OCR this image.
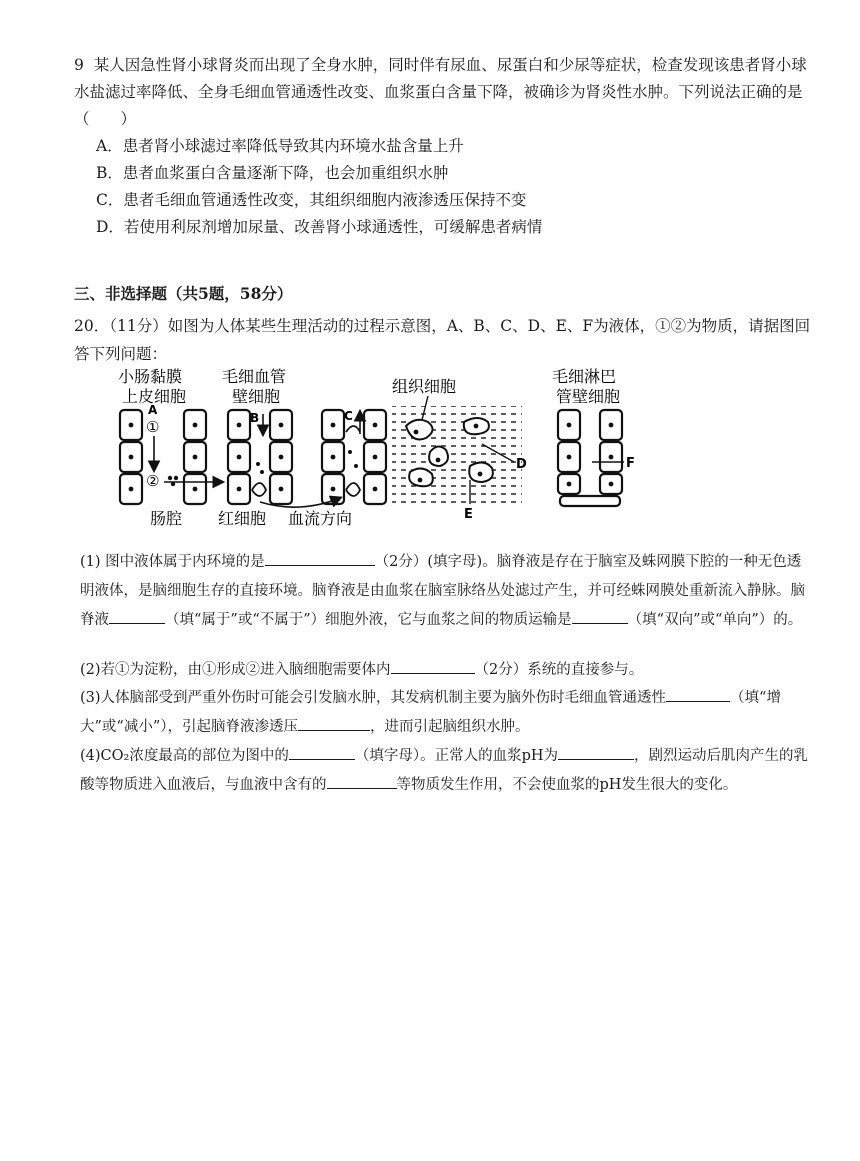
9 某人因急性肾小球肾炎而出现了全身水肿，同时伴有尿血、尿蛋白和少尿等症状，检查发现该患者肾小球水盐滤过率降低、全身毛细血管通透性改变、血浆蛋白含量下降，被确诊为肾炎性水肿。下列说法正确的是（　　）
A．患者肾小球滤过率降低导致其内环境水盐含量上升
B．患者血浆蛋白含量逐渐下降，也会加重组织水肿
C．患者毛细血管通透性改变，其组织细胞内液渗透压保持不变
D．若使用利尿剂增加尿量、改善肾小球通透性，可缓解患者病情
三、非选择题（共5题，58分）
20．（11分）如图为人体某些生理活动的过程示意图，A、B、C、D、E、F为液体，①②为物质，请据图回答下列问题：
小肠黏膜
上皮细胞
毛细血管
壁细胞
组织细胞
毛细淋巴
管壁细胞
肠腔 红细胞 血流方向
A
①
②
B	C
D
E
F
(1) 图中液体属于内环境的是	（2分）(填字母)。脑脊液是存在于脑室及蛛网膜下腔的一种无色透明液体，是脑细胞生存的直接环境。脑脊液是由血浆在脑室脉络丛处滤过产生，并可经蛛网膜处重新流入静脉。脑脊液	（填“属于”或“不属于”）细胞外液，它与血浆之间的物质运输是	（填“双向”或“单向”）的。
(2)若①为淀粉，由①形成②进入脑细胞需要体内	（2分）系统的直接参与。
(3)人体脑部受到严重外伤时可能会引发脑水肿，其发病机制主要为脑外伤时毛细血管通透性	（填“增大”或“减小”），引起脑脊液渗透压	，进而引起脑组织水肿。
(4)CO₂浓度最高的部位为图中的	（填字母）。正常人的血浆pH为	，剧烈运动后肌肉产生的乳酸等物质进入血液后，与血液中含有的	等物质发生作用，不会使血浆的pH发生很大的变化。
